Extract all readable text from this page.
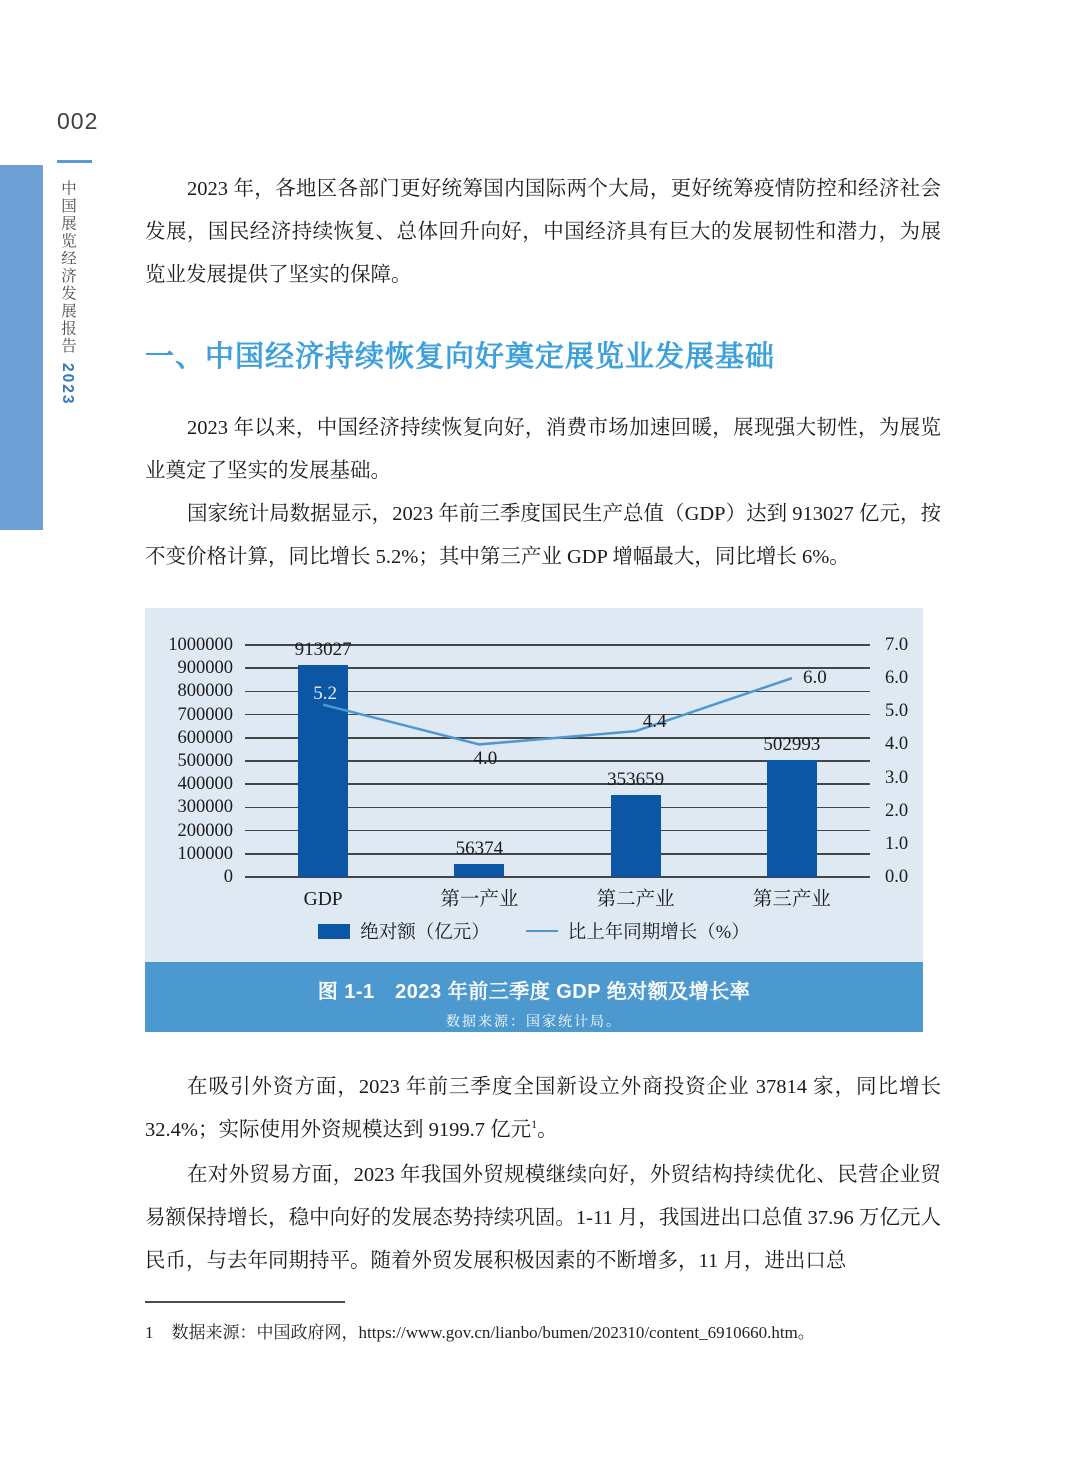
002
中国展览经济发展报告2023

2023 年，各地区各部门更好统筹国内国际两个大局，更好统筹疫情防控和经济社会发展，国民经济持续恢复、总体回升向好，中国经济具有巨大的发展韧性和潜力，为展览业发展提供了坚实的保障。

一、中国经济持续恢复向好奠定展览业发展基础

2023 年以来，中国经济持续恢复向好，消费市场加速回暖，展现强大韧性，为展览业奠定了坚实的发展基础。

国家统计局数据显示，2023 年前三季度国民生产总值（GDP）达到 913027 亿元，按不变价格计算，同比增长 5.2%；其中第三产业 GDP 增幅最大，同比增长 6%。

0
100000
200000
300000
400000
500000
600000
700000
800000
900000
1000000
0.0
1.0
2.0
3.0
4.0
5.0
6.0
7.0
913027
GDP
56374
第一产业
353659
第二产业
502993
第三产业
5.2
4.0
4.4
6.0
绝对额（亿元）	比上年同期增长（%）
图 1-1　2023 年前三季度 GDP 绝对额及增长率
数据来源：国家统计局。

在吸引外资方面，2023 年前三季度全国新设立外商投资企业 37814 家，同比增长 32.4%；实际使用外资规模达到 9199.7 亿元$^1$。

在对外贸易方面，2023 年我国外贸规模继续向好，外贸结构持续优化、民营企业贸易额保持增长，稳中向好的发展态势持续巩固。1-11 月，我国进出口总值 37.96 万亿元人民币，与去年同期持平。随着外贸发展积极因素的不断增多，11 月，进出口总

1 数据来源：中国政府网，https://www.gov.cn/lianbo/bumen/202310/content_6910660.htm。
